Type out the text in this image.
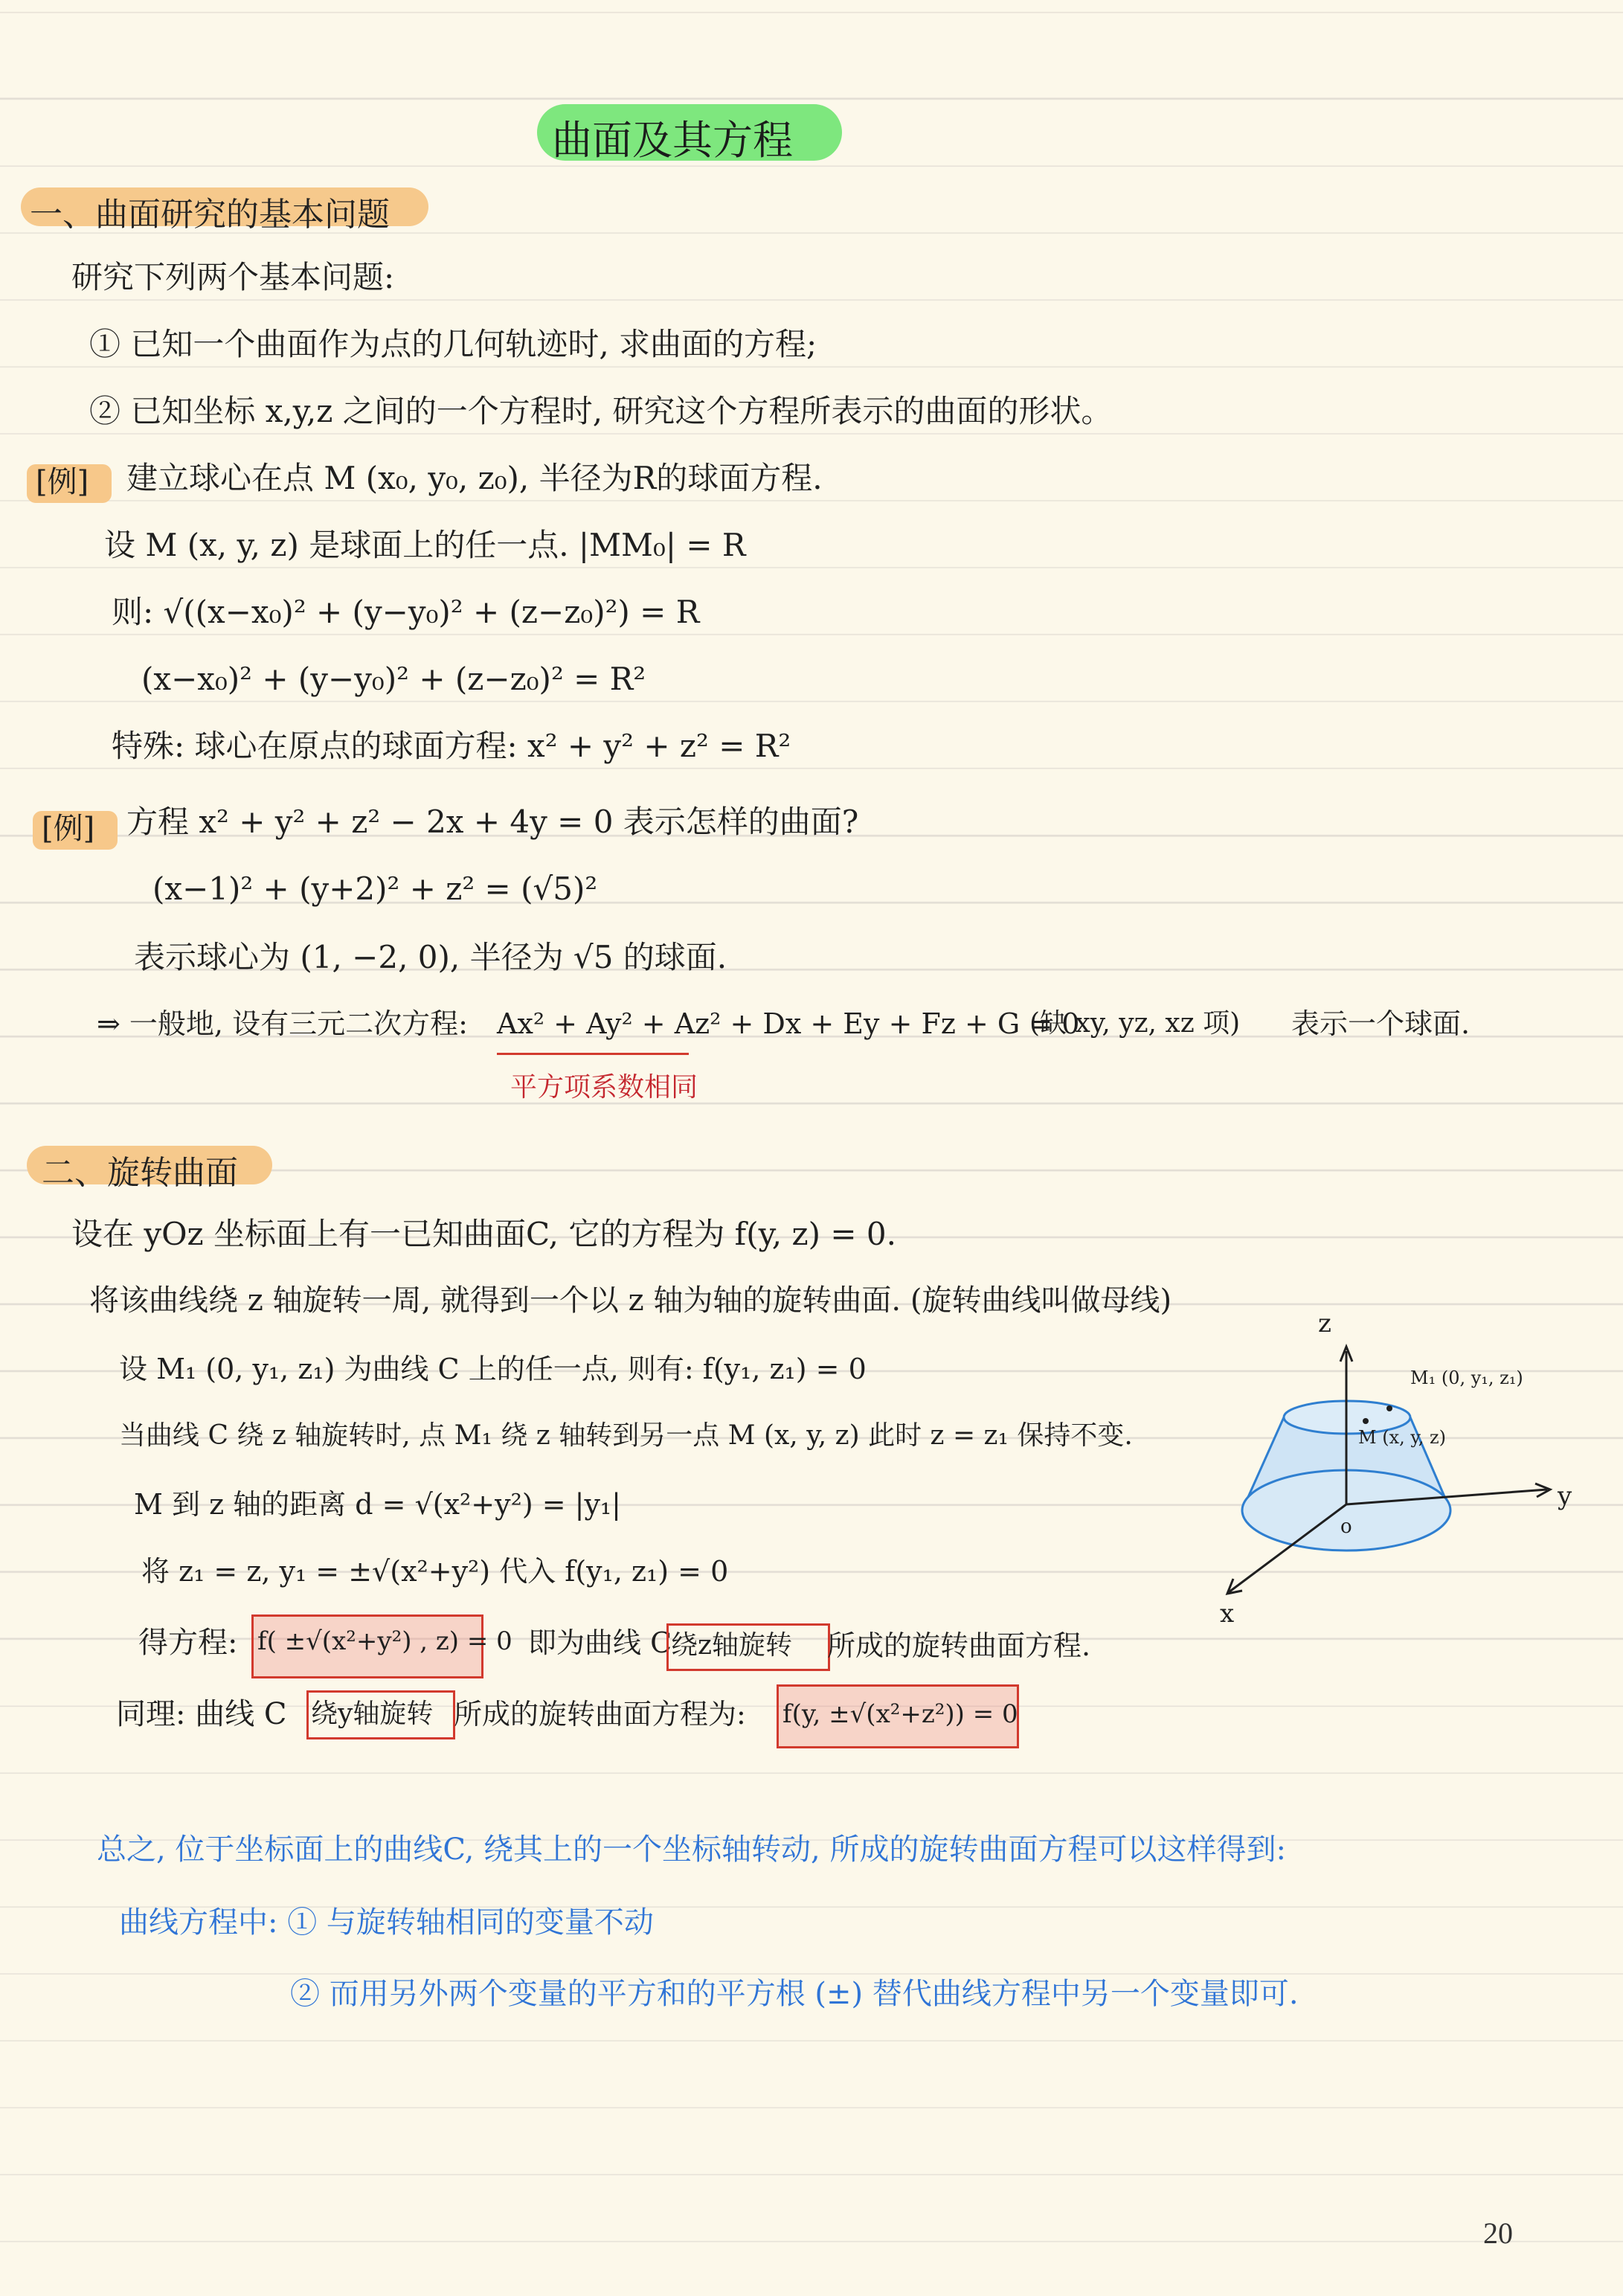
曲面及其方程
一、曲面研究的基本问题
研究下列两个基本问题:
① 已知一个曲面作为点的几何轨迹时, 求曲面的方程;
② 已知坐标 x,y,z 之间的一个方程时, 研究这个方程所表示的曲面的形状。
[例] 建立球心在点 M (x₀, y₀, z₀), 半径为R的球面方程.
设 M (x, y, z) 是球面上的任一点. |MM₀| = R
则: √((x−x₀)² + (y−y₀)² + (z−z₀)²) = R
(x−x₀)² + (y−y₀)² + (z−z₀)² = R²
特殊: 球心在原点的球面方程: x² + y² + z² = R²
[例] 方程 x² + y² + z² − 2x + 4y = 0 表示怎样的曲面?
(x−1)² + (y+2)² + z² = (√5)²
表示球心为 (1, −2, 0), 半径为 √5 的球面.
⇒ 一般地, 设有三元二次方程: Ax² + Ay² + Az² + Dx + Ey + Fz + G = 0
(缺 xy, yz, xz 项) 表示一个球面.
平方项系数相同
二、旋转曲面
设在 yOz 坐标面上有一已知曲面C, 它的方程为 f(y, z) = 0.
将该曲线绕 z 轴旋转一周, 就得到一个以 z 轴为轴的旋转曲面. (旋转曲线叫做母线)
设 M₁ (0, y₁, z₁) 为曲线 C 上的任一点, 则有: f(y₁, z₁) = 0
当曲线 C 绕 z 轴旋转时, 点 M₁ 绕 z 轴转到另一点 M (x, y, z) 此时 z = z₁ 保持不变.
M 到 z 轴的距离 d = √(x²+y²) = |y₁|
将 z₁ = z, y₁ = ±√(x²+y²) 代入 f(y₁, z₁) = 0
得方程: f( ±√(x²+y²) , z) = 0 即为曲线 C
绕z轴旋转 所成的旋转曲面方程.
同理: 曲线 C 绕y轴旋转 所成的旋转曲面方程为: f(y, ±√(x²+z²)) = 0
z
y
x
o
M₁ (0, y₁, z₁)
M (x, y, z)
总之, 位于坐标面上的曲线C, 绕其上的一个坐标轴转动, 所成的旋转曲面方程可以这样得到:
曲线方程中: ① 与旋转轴相同的变量不动
② 而用另外两个变量的平方和的平方根 (±) 替代曲线方程中另一个变量即可.
20
